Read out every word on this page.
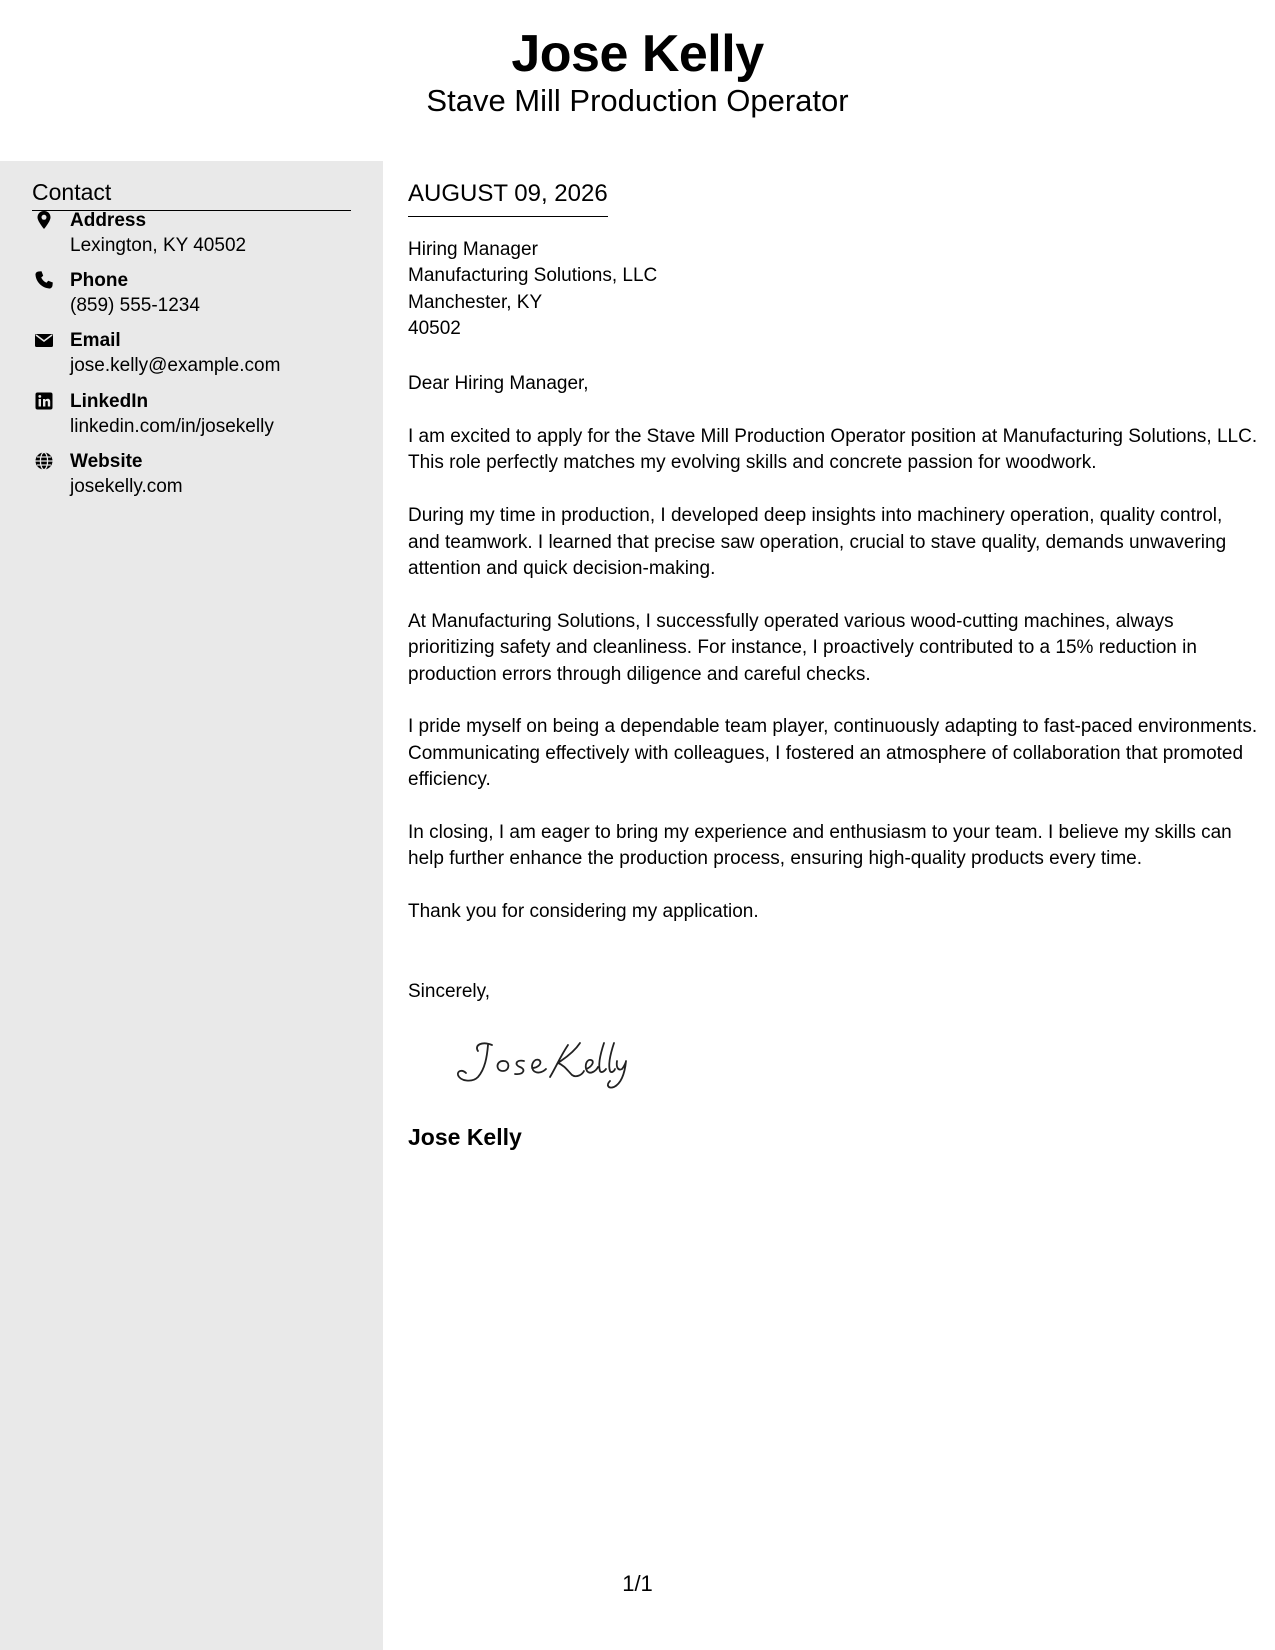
Jose Kelly
Stave Mill Production Operator
Contact
Address
Lexington, KY 40502
Phone
(859) 555-1234
Email
jose.kelly@example.com
LinkedIn
linkedin.com/in/josekelly
Website
josekelly.com
AUGUST 09, 2026
Hiring Manager
Manufacturing Solutions, LLC
Manchester, KY
40502
Dear Hiring Manager,

I am excited to apply for the Stave Mill Production Operator position at Manufacturing Solutions, LLC. This role perfectly matches my evolving skills and concrete passion for woodwork.

During my time in production, I developed deep insights into machinery operation, quality control, and teamwork. I learned that precise saw operation, crucial to stave quality, demands unwavering attention and quick decision-making.

At Manufacturing Solutions, I successfully operated various wood-cutting machines, always prioritizing safety and cleanliness. For instance, I proactively contributed to a 15% reduction in production errors through diligence and careful checks.

I pride myself on being a dependable team player, continuously adapting to fast-paced environments. Communicating effectively with colleagues, I fostered an atmosphere of collaboration that promoted efficiency.

In closing, I am eager to bring my experience and enthusiasm to your team. I believe my skills can help further enhance the production process, ensuring high-quality products every time.

Thank you for considering my application.

Sincerely,
Jose Kelly
1/1
